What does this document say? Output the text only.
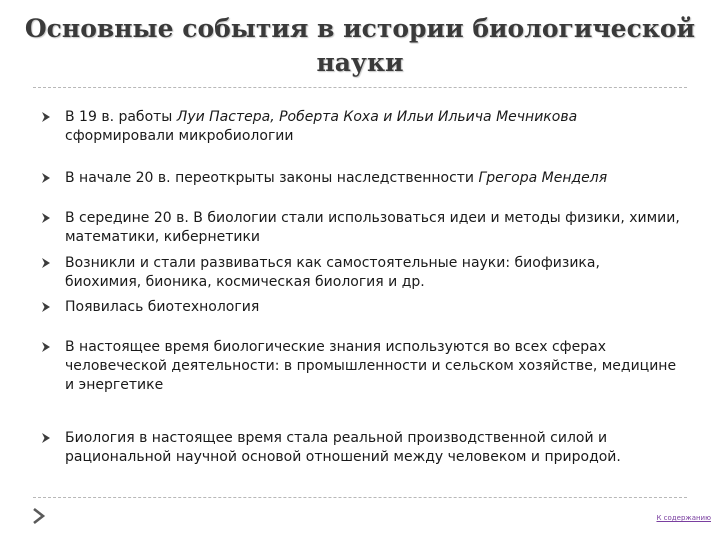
Основные события в истории биологической науки
В 19 в. работы Луи Пастера, Роберта Коха и Ильи Ильича Мечникова сформировали микробиологии
В начале 20 в. переоткрыты законы наследственности Грегора Менделя
В середине 20 в. В биологии стали использоваться идеи и методы физики, химии, математики, кибернетики
Возникли и стали развиваться как самостоятельные науки: биофизика, биохимия, бионика, космическая биология и др.
Появилась биотехнология
В настоящее время биологические знания используются во всех сферах человеческой деятельности: в промышленности и сельском хозяйстве, медицине и энергетике
Биология в настоящее время стала реальной производственной силой и рациональной научной основой отношений между человеком и природой.
К содержанию
